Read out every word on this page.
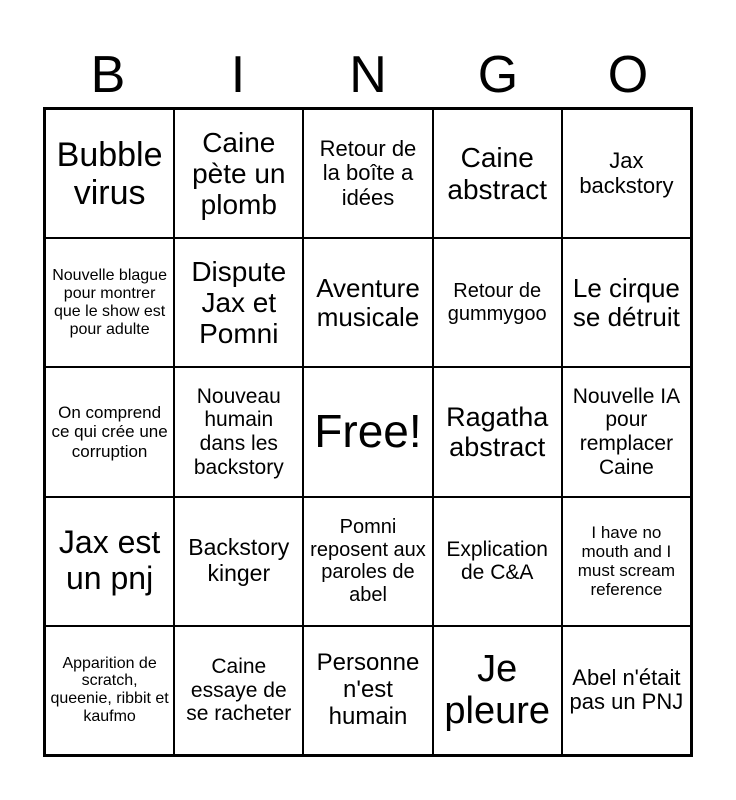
B	I	N	G	O
Bubble virus
Caine pète un plomb
Retour de la boîte a idées
Caine abstract
Jax backstory
Nouvelle blague pour montrer que le show est pour adulte
Dispute Jax et Pomni
Aventure musicale
Retour de gummygoo
Le cirque se détruit
On comprend ce qui crée une corruption
Nouveau humain dans les backstory
Free! Ragatha abstract
Nouvelle IA pour remplacer Caine
Jax est un pnj
Backstory kinger
Pomni reposent aux paroles de abel
Explication de C&A
I have no mouth and I must scream reference
Apparition de scratch, queenie, ribbit et kaufmo
Caine essaye de se racheter
Personne n'est humain
Je pleure
Abel n'était pas un PNJ
